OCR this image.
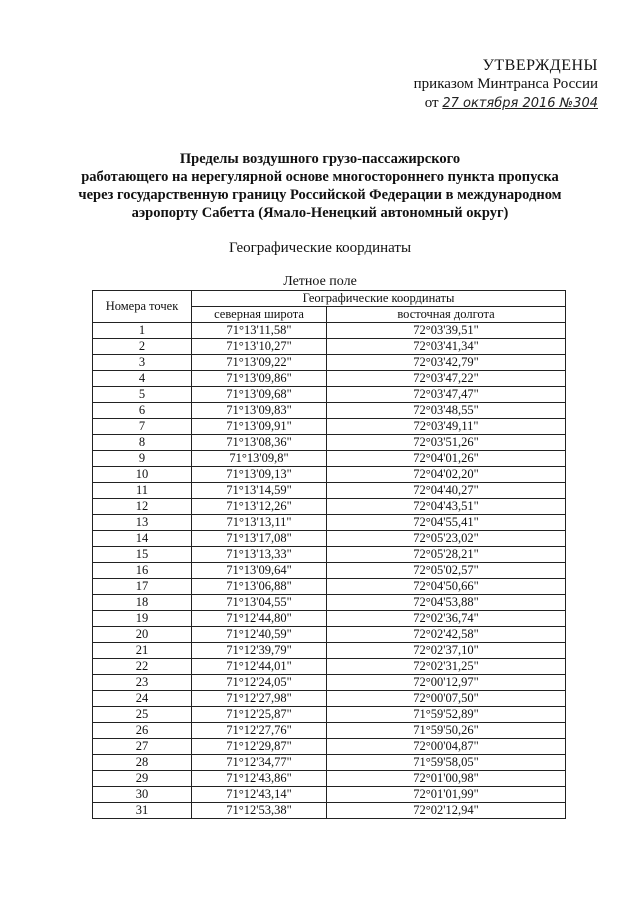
УТВЕРЖДЕНЫ
приказом Минтранса России
от 27 октября 2016 №304
Пределы воздушного грузо-пассажирского
работающего на нерегулярной основе многостороннего пункта пропуска
через государственную границу Российской Федерации в международном
аэропорту Сабетта (Ямало-Ненецкий автономный округ)
Географические координаты
Летное поле
Номера точек	Географические координаты	
	северная широта	восточная долгота
1	71°13'11,58"	72°03'39,51"
2	71°13'10,27"	72°03'41,34"
3	71°13'09,22"	72°03'42,79"
4	71°13'09,86"	72°03'47,22"
5	71°13'09,68"	72°03'47,47"
6	71°13'09,83"	72°03'48,55"
7	71°13'09,91"	72°03'49,11"
8	71°13'08,36"	72°03'51,26"
9	71°13'09,8"	72°04'01,26"
10	71°13'09,13"	72°04'02,20"
11	71°13'14,59"	72°04'40,27"
12	71°13'12,26"	72°04'43,51"
13	71°13'13,11"	72°04'55,41"
14	71°13'17,08"	72°05'23,02"
15	71°13'13,33"	72°05'28,21"
16	71°13'09,64"	72°05'02,57"
17	71°13'06,88"	72°04'50,66"
18	71°13'04,55"	72°04'53,88"
19	71°12'44,80"	72°02'36,74"
20	71°12'40,59"	72°02'42,58"
21	71°12'39,79"	72°02'37,10"
22	71°12'44,01"	72°02'31,25"
23	71°12'24,05"	72°00'12,97"
24	71°12'27,98"	72°00'07,50"
25	71°12'25,87"	71°59'52,89"
26	71°12'27,76"	71°59'50,26"
27	71°12'29,87"	72°00'04,87"
28	71°12'34,77"	71°59'58,05"
29	71°12'43,86"	72°01'00,98"
30	71°12'43,14"	72°01'01,99"
31	71°12'53,38"	72°02'12,94"
